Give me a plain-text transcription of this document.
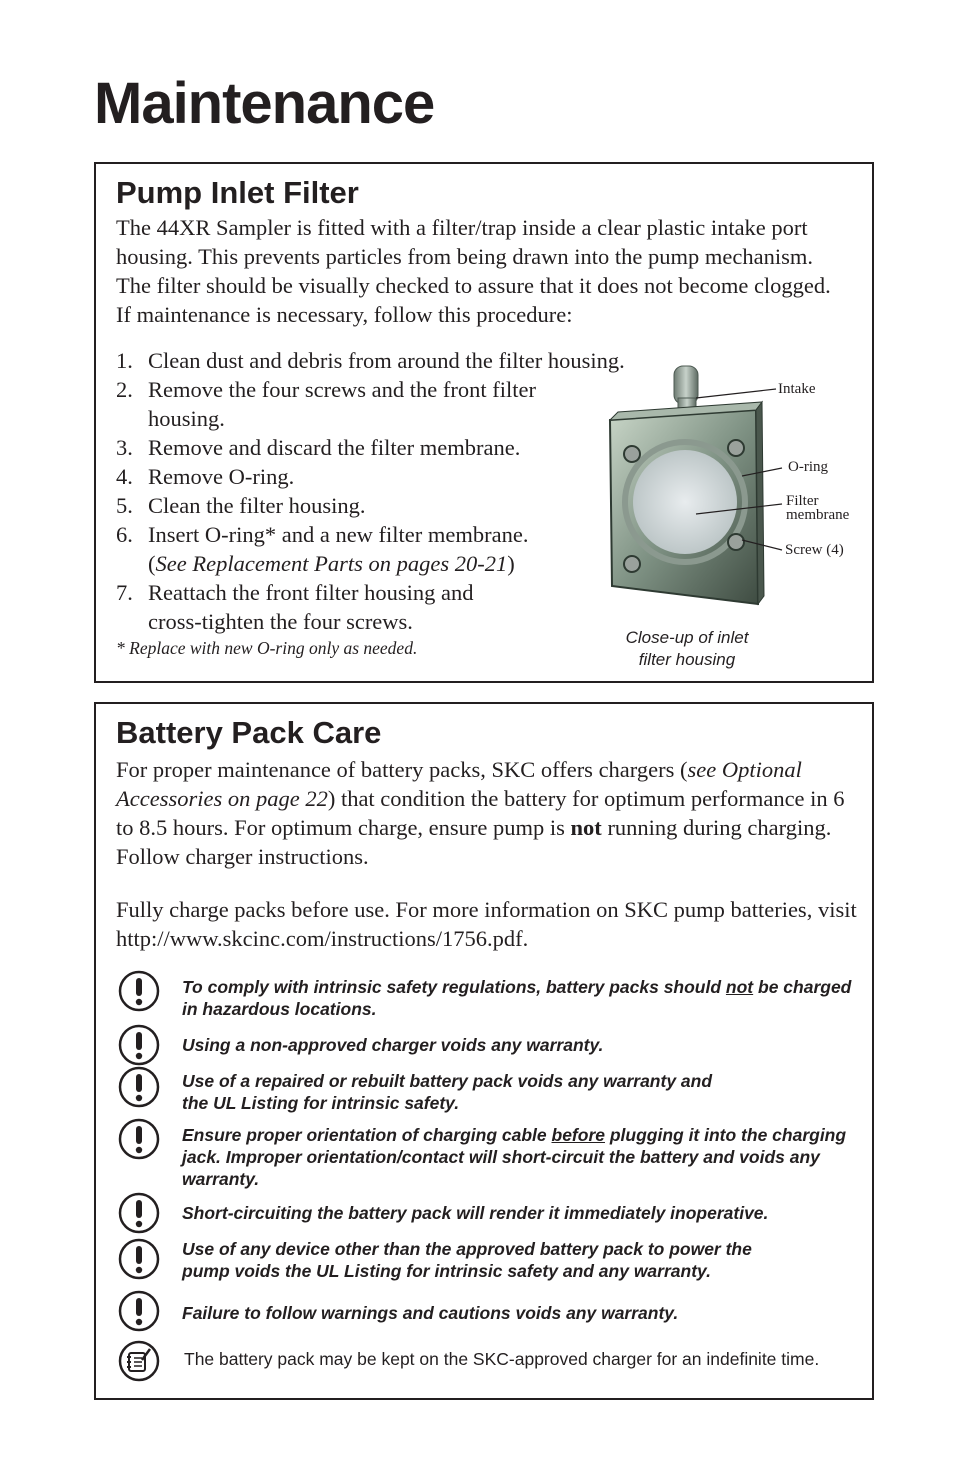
Maintenance
Pump Inlet Filter

The 44XR Sampler is fitted with a filter/trap inside a clear plastic intake port housing. This prevents particles from being drawn into the pump mechanism. The filter should be visually checked to assure that it does not become clogged. If maintenance is necessary, follow this procedure:

1. Clean dust and debris from around the filter housing.
2. Remove the four screws and the front filter
housing.
3. Remove and discard the filter membrane.
4. Remove O-ring.
5. Clean the filter housing.
6. Insert O-ring* and a new filter membrane.
(See Replacement Parts on pages 20-21)
7. Reattach the front filter housing and
cross-tighten the four screws.
* Replace with new O-ring only as needed.
Intake
O-ring
Filter
membrane
Screw (4)
Close-up of inlet
filter housing
Battery Pack Care

For proper maintenance of battery packs, SKC offers chargers (see Optional Accessories on page 22) that condition the battery for optimum performance in 6 to 8.5 hours. For optimum charge, ensure pump is not running during charging. Follow charger instructions.

Fully charge packs before use. For more information on SKC pump batteries, visit http://www.skcinc.com/instructions/1756.pdf.

To comply with intrinsic safety regulations, battery packs should not be charged in hazardous locations.
Using a non-approved charger voids any warranty.
Use of a repaired or rebuilt battery pack voids any warranty and
the UL Listing for intrinsic safety.
Ensure proper orientation of charging cable before plugging it into the charging jack. Improper orientation/contact will short-circuit the battery and voids any warranty.
Short-circuiting the battery pack will render it immediately inoperative.
Use of any device other than the approved battery pack to power the
pump voids the UL Listing for intrinsic safety and any warranty.
Failure to follow warnings and cautions voids any warranty.
The battery pack may be kept on the SKC-approved charger for an indefinite time.
